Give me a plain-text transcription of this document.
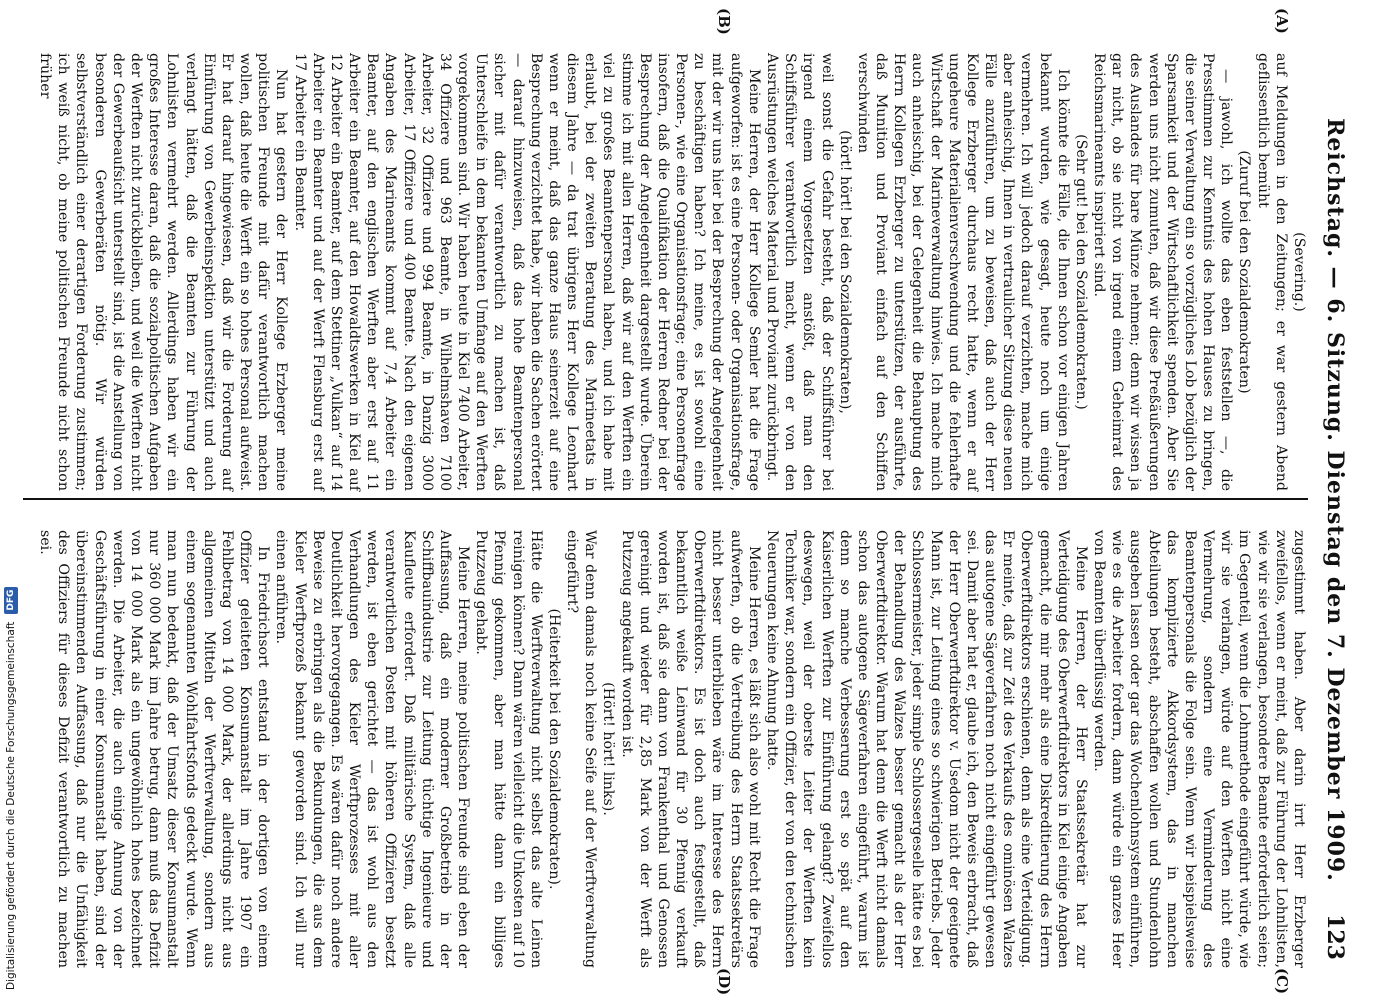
Reichstag. — 6. Sitzung. Dienstag den 7. Dezember 1909.
123
(A)
(B)
(C)
(D)

(Severing.)

auf Meldungen in den Zeitungen; er war gestern Abend geflissentlich bemüht

(Zuruf bei den Sozialdemokraten)

— jawohl, ich wollte das eben feststellen —, die Presstimmen zur Kenntnis des hohen Hauses zu bringen, die seiner Verwaltung ein so vorzügliches Lob bezüglich der Sparsamkeit und der Wirtschaftlichkeit spenden. Aber Sie werden uns nicht zumuten, daß wir diese Preßäußerungen des Auslandes für bare Münze nehmen; denn wir wissen ja gar nicht, ob sie nicht von irgend einem Geheimrat des Reichsmarineamts inspiriert sind.

(Sehr gut! bei den Sozialdemokraten.)

Ich könnte die Fälle, die Ihnen schon vor einigen Jahren bekannt wurden, wie gesagt, heute noch um einige vermehren. Ich will jedoch darauf verzichten, mache mich aber anheischig, Ihnen in vertraulicher Sitzung diese neuen Fälle anzuführen, um zu beweisen, daß auch der Herr Kollege Erzberger durchaus recht hatte, wenn er auf ungeheure Materialienverschwendung und die fehlerhafte Wirtschaft der Marineverwaltung hinwies. Ich mache mich auch anheischig, bei der Gelegenheit die Behauptung des Herrn Kollegen Erzberger zu unterstützen, der ausführte, daß Munition und Proviant einfach auf den Schiffen verschwinden

(hört! hört! bei den Sozialdemokraten),

weil sonst die Gefahr besteht, daß der Schiffsführer bei irgend einem Vorgesetzten anstößt, daß man den Schiffsführer verantwortlich macht, wenn er von den Ausrüstungen welches Material und Proviant zurückbringt.

Meine Herren, der Herr Kollege Semler hat die Frage aufgeworfen: ist es eine Personen- oder Organisationsfrage, mit der wir uns hier bei der Besprechung der Angelegenheit zu beschäftigen haben? Ich meine, es ist sowohl eine Personen-, wie eine Organisationsfrage; eine Personenfrage insofern, daß die Qualifikation der Herren Redner bei der Besprechung der Angelegenheit dargestellt wurde. Überein stimme ich mit allen Herren, daß wir auf den Werften ein viel zu großes Beamtenpersonal haben, und ich habe mit erlaubt, bei der zweiten Beratung des Marineetats in diesem Jahre — da trat übrigens Herr Kollege Leonhart wenn er meint, daß das ganze Haus seinerzeit auf eine Besprechung verzichtet habe, wir haben die Sachen erörtert — darauf hinzuweisen, daß das hohe Beamtenpersonal sicher mit dafür verantwortlich zu machen ist, daß Unterschleife in dem bekannten Umfange auf den Werften vorgekommen sind. Wir haben heute in Kiel 7400 Arbeiter, 34 Offiziere und 963 Beamte, in Wilhelmshaven 7100 Arbeiter, 32 Offiziere und 994 Beamte, in Danzig 3000 Arbeiter, 17 Offiziere und 400 Beamte. Nach den eigenen Angaben des Marineamts kommt auf 7,4 Arbeiter ein Beamter, auf den englischen Werften aber erst auf 11 Arbeiter ein Beamter, auf den Howaldtswerken in Kiel auf 12 Arbeiter ein Beamter, auf dem Stettiner „Vulkan“ auf 14 Arbeiter ein Beamter und auf der Werft Flensburg erst auf 17 Arbeiter ein Beamter.

Nun hat gestern der Herr Kollege Erzberger meine politischen Freunde mit dafür verantwortlich machen wollen, daß heute die Werft ein so hohes Personal aufweist. Er hat darauf hingewiesen, daß wir die Forderung auf Einführung von Gewerbeinspektion unterstützt und auch verlangt hätten, daß die Beamten zur Führung der Lohnlisten vermehrt werden. Allerdings haben wir ein großes Interesse daran, daß die sozialpolitischen Aufgaben der Werften nicht zurückbleiben, und weil die Werften nicht der Gewerbeaufsicht unterstellt sind, ist die Anstellung von besonderen Gewerberäten nötig. Wir würden selbstverständlich einer derartigen Forderung zustimmen; ich weiß nicht, ob meine politischen Freunde nicht schon früher

zugestimmt haben. Aber darin irrt Herr Erzberger zweifellos, wenn er meint, daß zur Führung der Lohnlisten, wie wir sie verlangen, besondere Beamte erforderlich seien; im Gegenteil, wenn die Lohnmethode eingeführt würde, wie wir sie verlangen, würde auf den Werften nicht eine Vermehrung, sondern eine Verminderung des Beamtenpersonals die Folge sein. Wenn wir beispielsweise das komplizierte Akkordsystem, das in manchen Abteilungen besteht, abschaffen wollen und Stundenlohn ausgeben lassen oder gar das Wochenlohnsystem einführen, wie es die Arbeiter fordern, dann würde ein ganzes Heer von Beamten überflüssig werden.

Meine Herren, der Herr Staatssekretär hat zur Verteidigung des Oberwerftdirektors in Kiel einige Angaben gemacht, die mir mehr als eine Diskreditierung des Herrn Oberwerftdirektors erschienen, denn als eine Verteidigung. Er meinte, daß zur Zeit des Verkaufs des ominösen Walzes das autogene Sägeverfahren noch nicht eingeführt gewesen sei. Damit aber hat er, glaube ich, den Beweis erbracht, daß der Herr Oberwerftdirektor v. Usedom nicht der geeignete Mann ist, zur Leitung eines so schwierigen Betriebs. Jeder Schlossermeister, jeder simple Schlossergeselle hätte es bei der Behandlung des Walzes besser gemacht als der Herr Oberwerftdirektor. Warum hat denn die Werft nicht damals schon das autogene Sägeverfahren eingeführt, warum ist denn so manche Verbesserung erst so spät auf den Kaiserlichen Werften zur Einführung gelangt? Zweifellos deswegen, weil der oberste Leiter der Werften kein Techniker war, sondern ein Offizier, der von den technischen Neuerungen keine Ahnung hatte.

Meine Herren, es läßt sich also wohl mit Recht die Frage aufwerfen, ob die Vertreibung des Herrn Staatssekretärs nicht besser unterblieben wäre im Interesse des Herrn Oberwerftdirektors. Es ist doch auch festgestellt, daß bekanntlich weiße Leinwand für 30 Pfennig verkauft worden ist, daß sie dann von Frankenthal und Genossen gereinigt und wieder für 2,85 Mark von der Werft als Putzzeug angekauft worden ist.

(Hört! hört! links).

War denn damals noch keine Seife auf der Werftverwaltung eingeführt?

(Heiterkeit bei den Sozialdemokraten).

Hätte die Werftverwaltung nicht selbst das alte Leinen reinigen können? Dann wären vielleicht die Unkosten auf 10 Pfennig gekommen, aber man hätte dann ein billiges Putzzeug gehabt.

Meine Herren, meine politischen Freunde sind eben der Auffassung, daß ein moderner Großbetrieb in der Schiffbauindustrie zur Leitung tüchtige Ingenieure und Kaufleute erfordert. Daß militärische System, daß alle verantwortlichen Posten mit höheren Offizieren besetzt werden, ist eben gerichtet — das ist wohl aus den Verhandlungen des Kieler Werftprozesses mit aller Deutlichkeit hervorgegangen. Es wären dafür noch andere Beweise zu erbringen als die Bekundungen, die aus dem Kieler Werftprozeß bekannt geworden sind. Ich will nur einen anführen.

In Friedrichsort entstand in der dortigen von einem Offizier geleiteten Konsumanstalt im Jahre 1907 ein Fehlbetrag von 14 000 Mark, der allerdings nicht aus allgemeinen Mitteln der Werftverwaltung, sondern aus einem sogenannten Wohlfahrtsfonds gedeckt wurde. Wenn man nun bedenkt, daß der Umsatz dieser Konsumanstalt nur 360 000 Mark im Jahre betrug, dann muß das Defizit von 14 000 Mark als ein ungewöhnlich hohes bezeichnet werden. Die Arbeiter, die auch einige Ahnung von der Geschäftsführung in einer Konsumanstalt haben, sind der übereinstimmenden Auffassung, daß nur die Unfähigkeit des Offiziers für dieses Defizit verantwortlich zu machen sei.

Digitalisierung gefördert durch die Deutsche Forschungsgemeinschaft
DFG
